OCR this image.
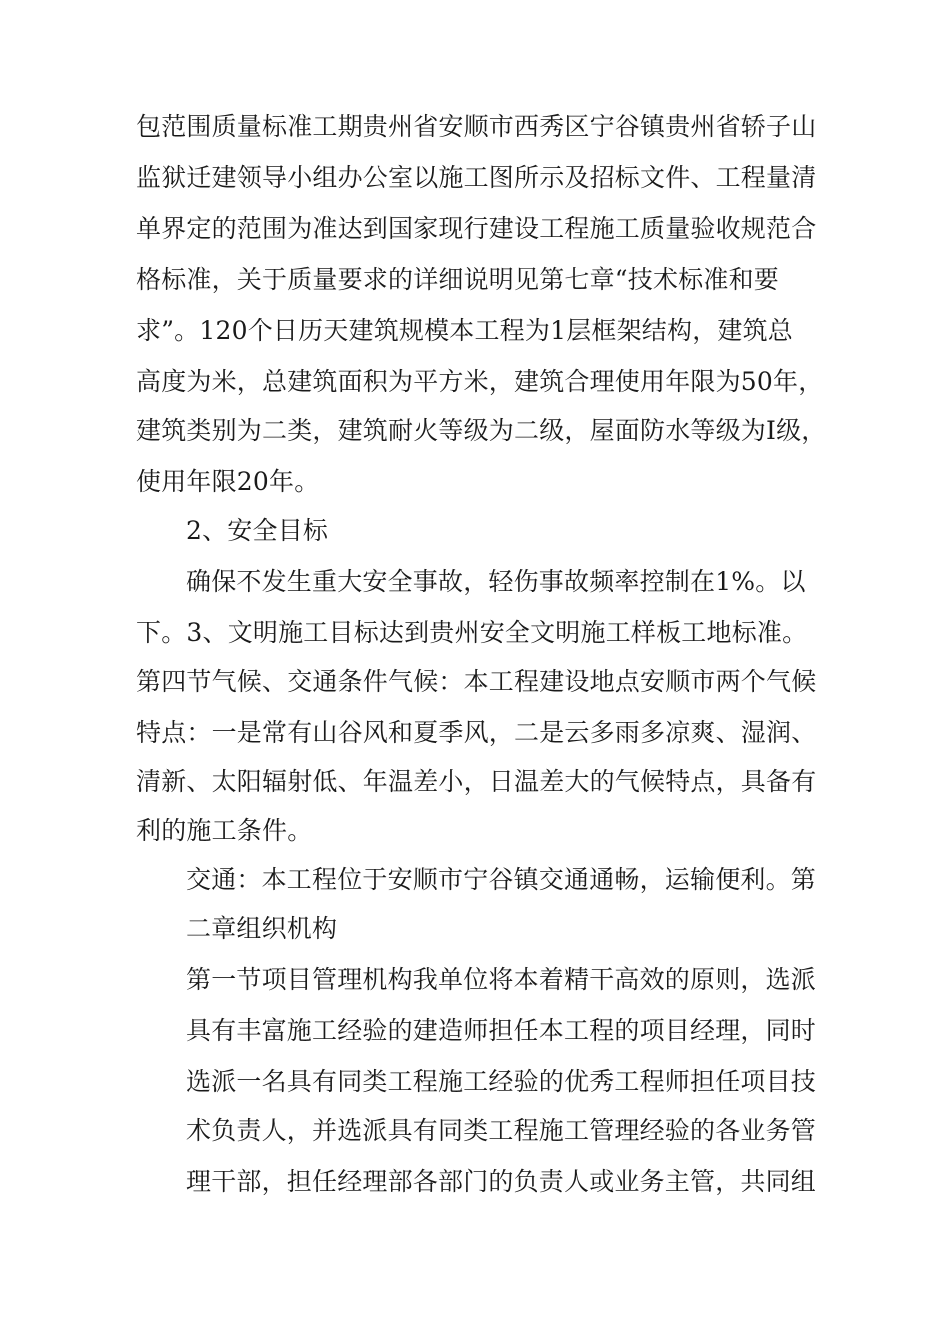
包范围质量标准工期贵州省安顺市西秀区宁谷镇贵州省轿子山
监狱迁建领导小组办公室以施工图所示及招标文件、工程量清
单界定的范围为准达到国家现行建设工程施工质量验收规范合
格标准，关于质量要求的详细说明见第七章“技术标准和要
求”。120个日历天建筑规模本工程为1层框架结构，建筑总
高度为米，总建筑面积为平方米，建筑合理使用年限为50年，
建筑类别为二类，建筑耐火等级为二级，屋面防水等级为Ⅰ级，
使用年限20年。
2、安全目标
确保不发生重大安全事故，轻伤事故频率控制在1%。以
下。3、文明施工目标达到贵州安全文明施工样板工地标准。
第四节气候、交通条件气候：本工程建设地点安顺市两个气候
特点：一是常有山谷风和夏季风，二是云多雨多凉爽、湿润、
清新、太阳辐射低、年温差小，日温差大的气候特点，具备有
利的施工条件。
交通：本工程位于安顺市宁谷镇交通通畅，运输便利。第
二章组织机构
第一节项目管理机构我单位将本着精干高效的原则，选派
具有丰富施工经验的建造师担任本工程的项目经理，同时
选派一名具有同类工程施工经验的优秀工程师担任项目技
术负责人，并选派具有同类工程施工管理经验的各业务管
理干部，担任经理部各部门的负责人或业务主管，共同组
